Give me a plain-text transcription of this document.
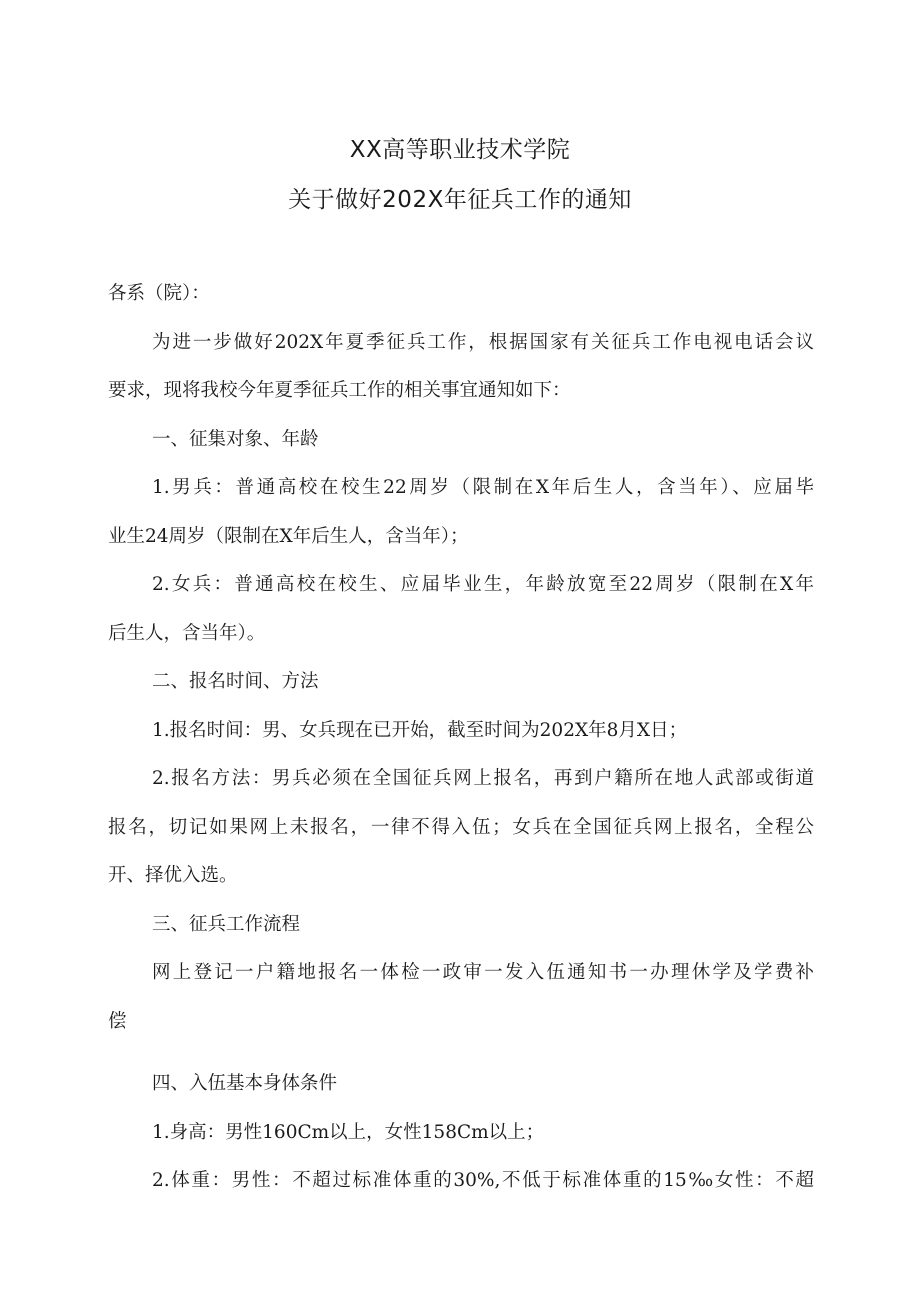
XX高等职业技术学院
关于做好202X年征兵工作的通知
各系（院）：
为进一步做好202X年夏季征兵工作，根据国家有关征兵工作电视电话会议
要求，现将我校今年夏季征兵工作的相关事宜通知如下：
一、征集对象、年龄
1.男兵：普通高校在校生22周岁（限制在X年后生人，含当年）、应届毕
业生24周岁（限制在X年后生人，含当年）；
2.女兵：普通高校在校生、应届毕业生，年龄放宽至22周岁（限制在X年
后生人，含当年）。
二、报名时间、方法
1.报名时间：男、女兵现在已开始，截至时间为202X年8月X日；
2.报名方法：男兵必须在全国征兵网上报名，再到户籍所在地人武部或街道
报名，切记如果网上未报名，一律不得入伍；女兵在全国征兵网上报名，全程公
开、择优入选。
三、征兵工作流程
网上登记一户籍地报名一体检一政审一发入伍通知书一办理休学及学费补
偿
四、入伍基本身体条件
1.身高：男性160Cm以上，女性158Cm以上；
2.体重：男性：不超过标准体重的30%,不低于标准体重的15‰女性：不超
